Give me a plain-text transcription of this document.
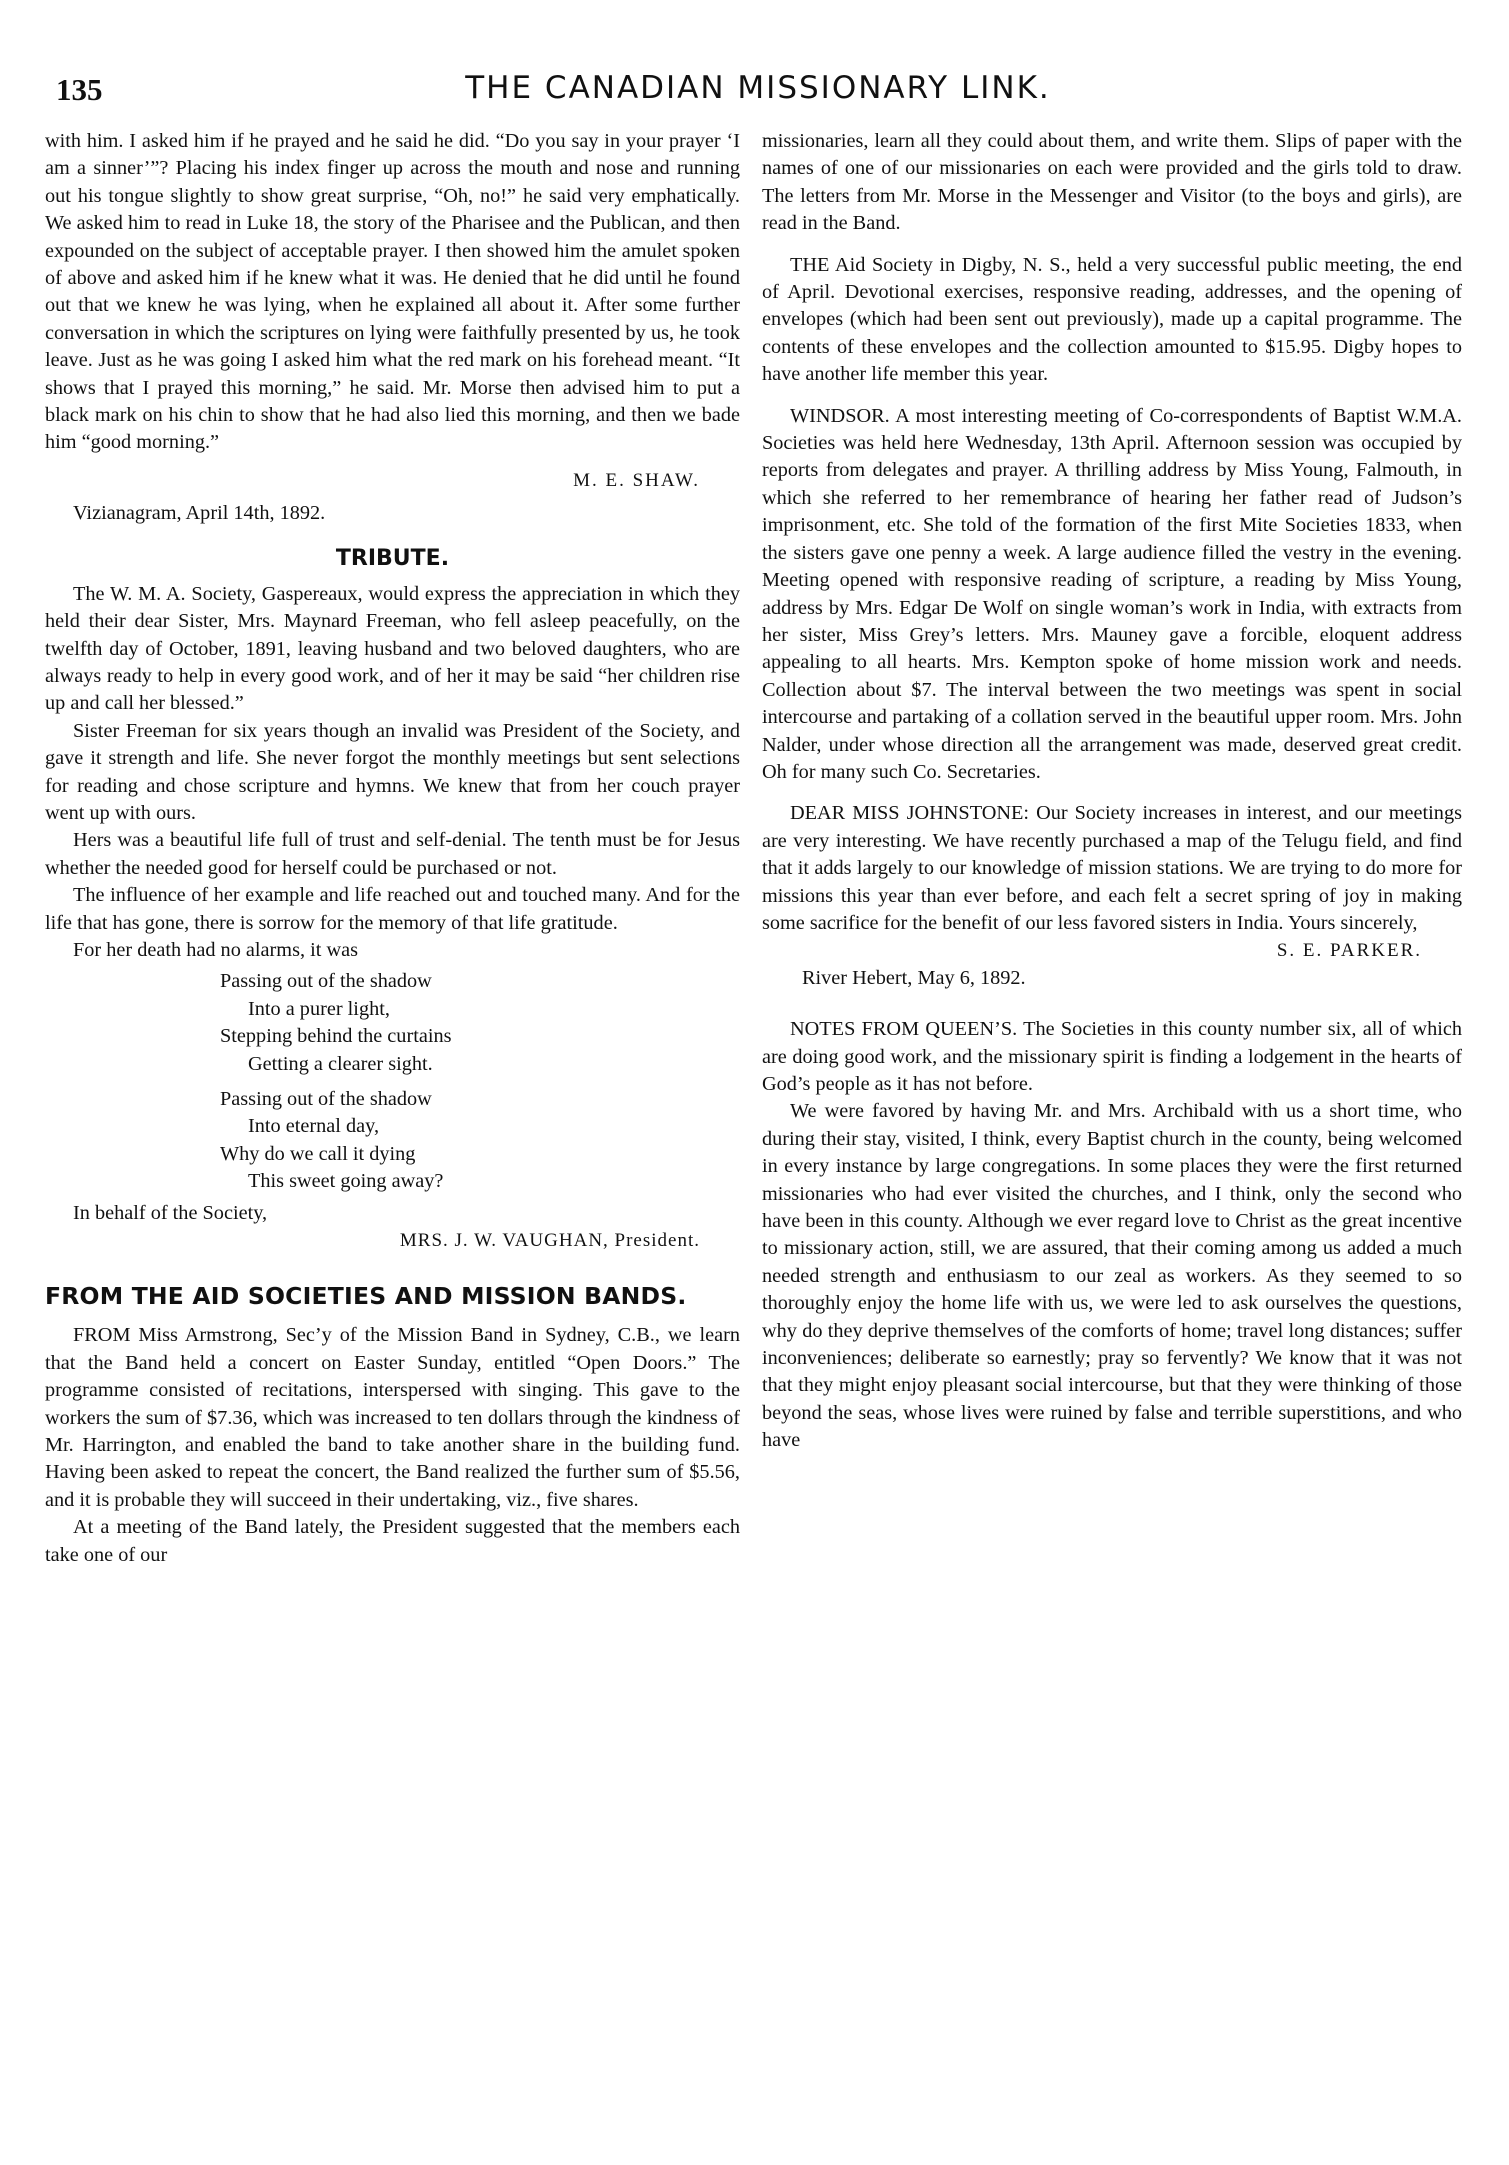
135	THE CANADIAN MISSIONARY LINK.

with him. I asked him if he prayed and he said he did. “Do you say in your prayer ‘I am a sinner’”? Placing his index finger up across the mouth and nose and running out his tongue slightly to show great surprise, “Oh, no!” he said very emphatically. We asked him to read in Luke 18, the story of the Pharisee and the Publican, and then expounded on the subject of acceptable prayer. I then showed him the amulet spoken of above and asked him if he knew what it was. He denied that he did until he found out that we knew he was lying, when he explained all about it. After some further conversation in which the scriptures on lying were faithfully presented by us, he took leave. Just as he was going I asked him what the red mark on his forehead meant. “It shows that I prayed this morning,” he said. Mr. Morse then advised him to put a black mark on his chin to show that he had also lied this morning, and then we bade him “good morning.”

M. E. SHAW.

Vizianagram, April 14th, 1892.

TRIBUTE.

The W. M. A. Society, Gaspereaux, would express the appreciation in which they held their dear Sister, Mrs. Maynard Freeman, who fell asleep peacefully, on the twelfth day of October, 1891, leaving husband and two beloved daughters, who are always ready to help in every good work, and of her it may be said “her children rise up and call her blessed.”

Sister Freeman for six years though an invalid was President of the Society, and gave it strength and life. She never forgot the monthly meetings but sent selections for reading and chose scripture and hymns. We knew that from her couch prayer went up with ours.

Hers was a beautiful life full of trust and self-denial. The tenth must be for Jesus whether the needed good for herself could be purchased or not.

The influence of her example and life reached out and touched many. And for the life that has gone, there is sorrow for the memory of that life gratitude.

For her death had no alarms, it was

Passing out of the shadow
Into a purer light,
Stepping behind the curtains
Getting a clearer sight.
Passing out of the shadow
Into eternal day,
Why do we call it dying
This sweet going away?

In behalf of the Society,

MRS. J. W. VAUGHAN, President.

FROM THE AID SOCIETIES AND MISSION BANDS.

FROM Miss Armstrong, Sec’y of the Mission Band in Sydney, C.B., we learn that the Band held a concert on Easter Sunday, entitled “Open Doors.” The programme consisted of recitations, interspersed with singing. This gave to the workers the sum of $7.36, which was increased to ten dollars through the kindness of Mr. Harrington, and enabled the band to take another share in the building fund. Having been asked to repeat the concert, the Band realized the further sum of $5.56, and it is probable they will succeed in their undertaking, viz., five shares.

At a meeting of the Band lately, the President suggested that the members each take one of our

missionaries, learn all they could about them, and write them. Slips of paper with the names of one of our missionaries on each were provided and the girls told to draw. The letters from Mr. Morse in the Messenger and Visitor (to the boys and girls), are read in the Band.

THE Aid Society in Digby, N. S., held a very successful public meeting, the end of April. Devotional exercises, responsive reading, addresses, and the opening of envelopes (which had been sent out previously), made up a capital programme. The contents of these envelopes and the collection amounted to $15.95. Digby hopes to have another life member this year.

WINDSOR. A most interesting meeting of Co-correspondents of Baptist W.M.A. Societies was held here Wednesday, 13th April. Afternoon session was occupied by reports from delegates and prayer. A thrilling address by Miss Young, Falmouth, in which she referred to her remembrance of hearing her father read of Judson’s imprisonment, etc. She told of the formation of the first Mite Societies 1833, when the sisters gave one penny a week. A large audience filled the vestry in the evening. Meeting opened with responsive reading of scripture, a reading by Miss Young, address by Mrs. Edgar De Wolf on single woman’s work in India, with extracts from her sister, Miss Grey’s letters. Mrs. Mauney gave a forcible, eloquent address appealing to all hearts. Mrs. Kempton spoke of home mission work and needs. Collection about $7. The interval between the two meetings was spent in social intercourse and partaking of a collation served in the beautiful upper room. Mrs. John Nalder, under whose direction all the arrangement was made, deserved great credit. Oh for many such Co. Secretaries.

DEAR MISS JOHNSTONE: Our Society increases in interest, and our meetings are very interesting. We have recently purchased a map of the Telugu field, and find that it adds largely to our knowledge of mission stations. We are trying to do more for missions this year than ever before, and each felt a secret spring of joy in making some sacrifice for the benefit of our less favored sisters in India. Yours sincerely,

S. E. PARKER.

River Hebert, May 6, 1892.

NOTES FROM QUEEN’S. The Societies in this county number six, all of which are doing good work, and the missionary spirit is finding a lodgement in the hearts of God’s people as it has not before.

We were favored by having Mr. and Mrs. Archibald with us a short time, who during their stay, visited, I think, every Baptist church in the county, being welcomed in every instance by large congregations. In some places they were the first returned missionaries who had ever visited the churches, and I think, only the second who have been in this county. Although we ever regard love to Christ as the great incentive to missionary action, still, we are assured, that their coming among us added a much needed strength and enthusiasm to our zeal as workers. As they seemed to so thoroughly enjoy the home life with us, we were led to ask ourselves the questions, why do they deprive themselves of the comforts of home; travel long distances; suffer inconveniences; deliberate so earnestly; pray so fervently? We know that it was not that they might enjoy pleasant social intercourse, but that they were thinking of those beyond the seas, whose lives were ruined by false and terrible superstitions, and who have
